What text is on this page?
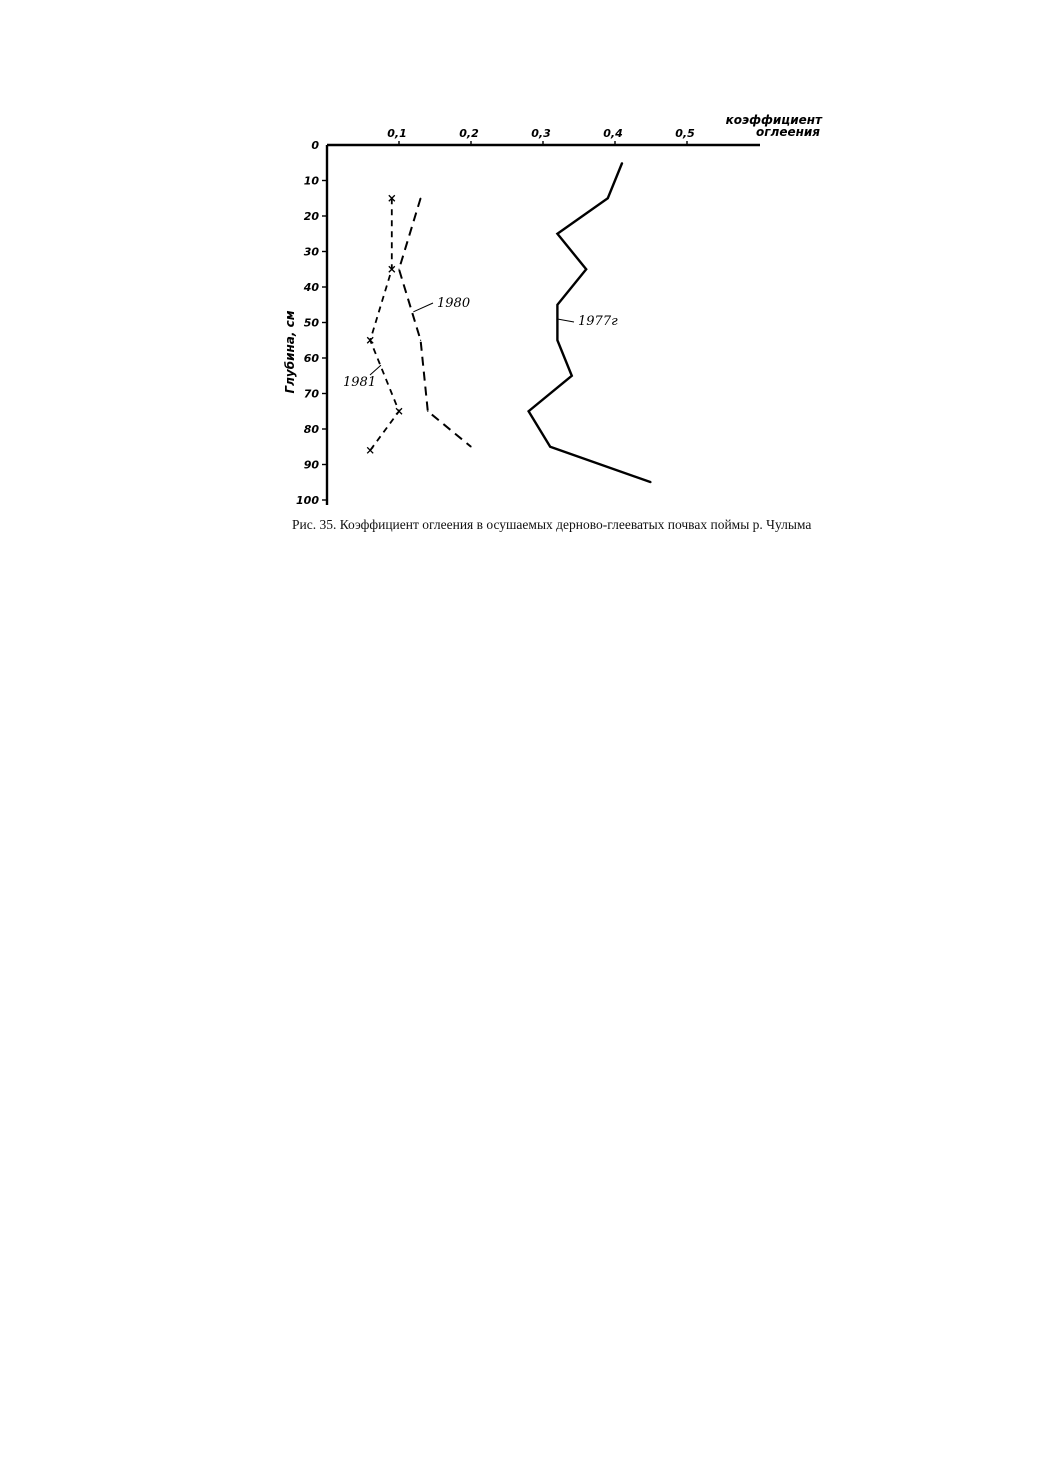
0,1	0,2	0,3	0,4	0,5
0
10
20
30
40
50
60
70
80
90
100
коэффициент
оглеения
Глубина, см	1977г
1980
1981

Рис. 35. Коэффициент оглеения в осушаемых дерново-глееватых почвах поймы р. Чулыма
